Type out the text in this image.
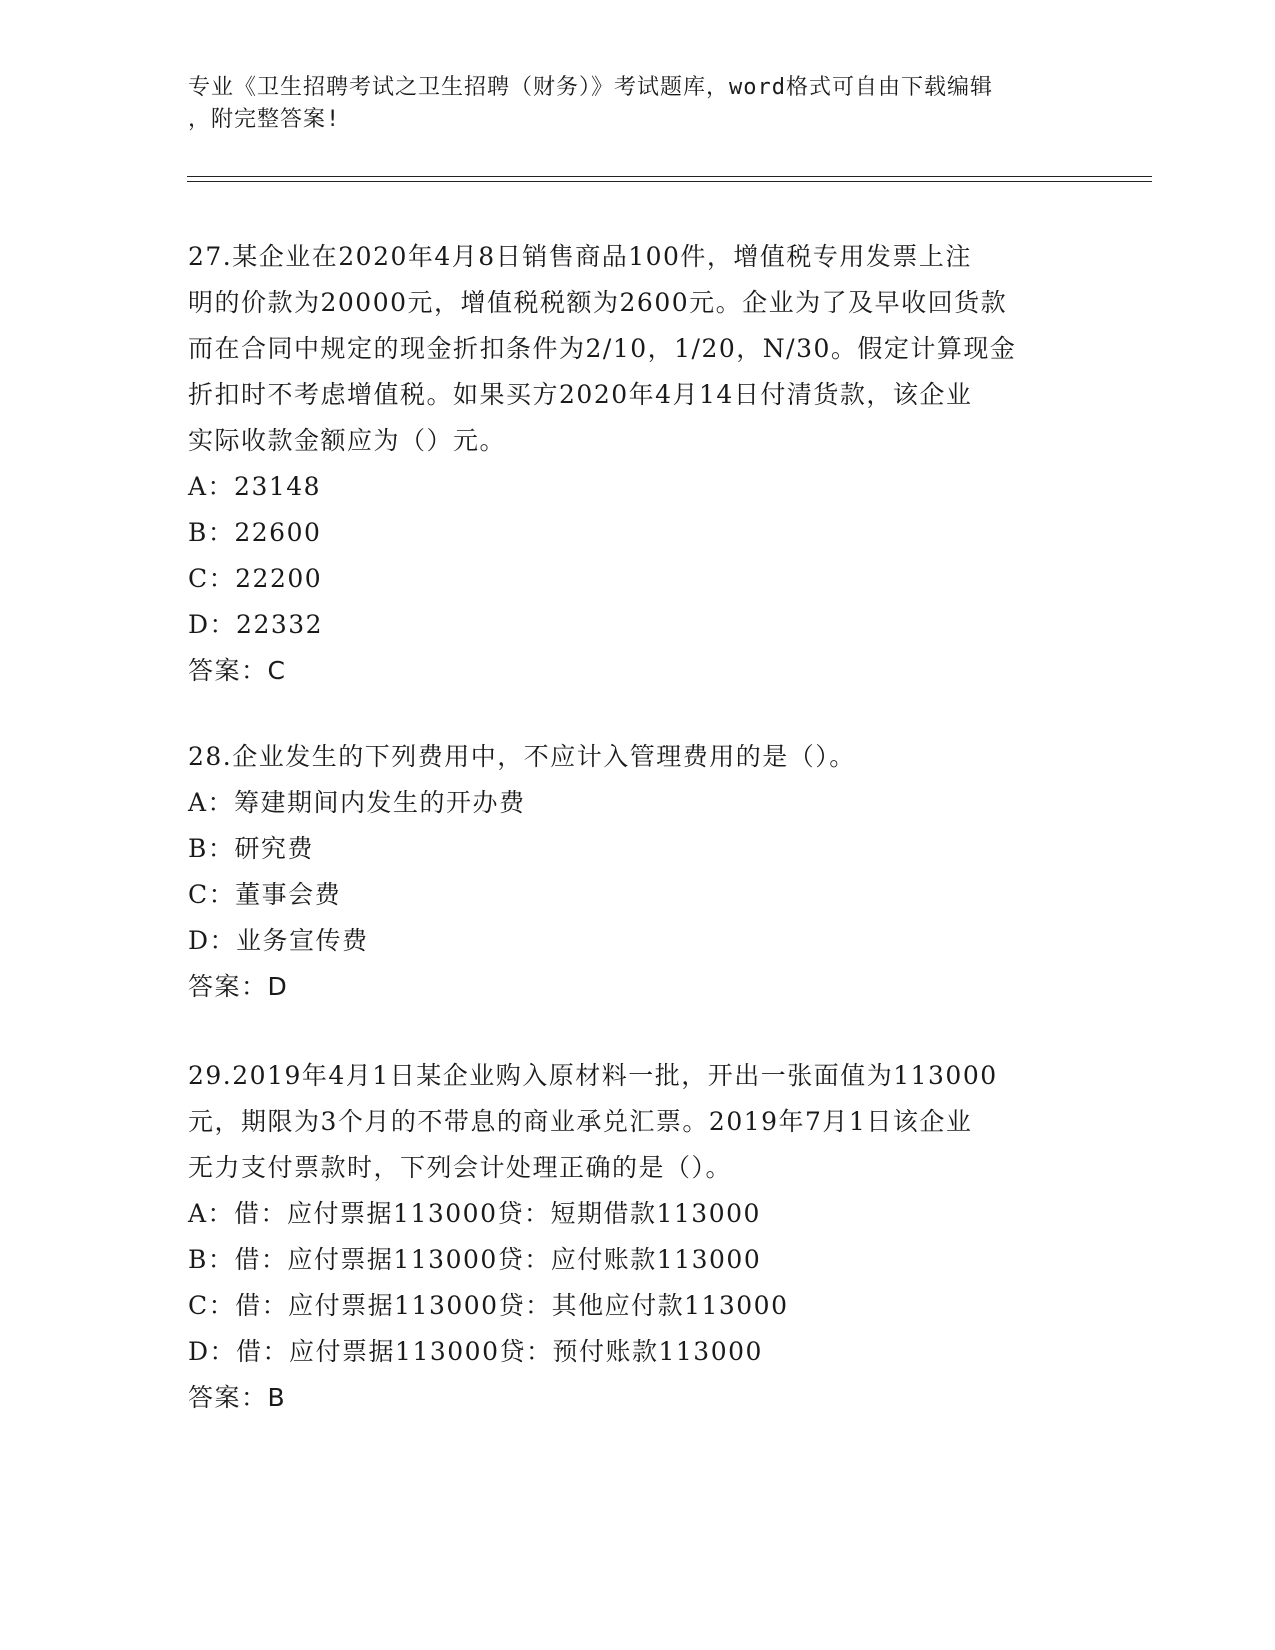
专业《卫生招聘考试之卫生招聘（财务）》考试题库，word格式可自由下载编辑
，附完整答案!
27.某企业在2020年4月8日销售商品100件，增值税专用发票上注
明的价款为20000元，增值税税额为2600元。企业为了及早收回货款
而在合同中规定的现金折扣条件为2/10，1/20，N/30。假定计算现金
折扣时不考虑增值税。如果买方2020年4月14日付清货款，该企业
实际收款金额应为（）元。
A：23148
B：22600
C：22200
D：22332
答案：C
28.企业发生的下列费用中，不应计入管理费用的是（）。
A：筹建期间内发生的开办费
B：研究费
C：董事会费
D：业务宣传费
答案：D
29.2019年4月1日某企业购入原材料一批，开出一张面值为113000
元，期限为3个月的不带息的商业承兑汇票。2019年7月1日该企业
无力支付票款时，下列会计处理正确的是（）。
A：借：应付票据113000贷：短期借款113000
B：借：应付票据113000贷：应付账款113000
C：借：应付票据113000贷：其他应付款113000
D：借：应付票据113000贷：预付账款113000
答案：B
